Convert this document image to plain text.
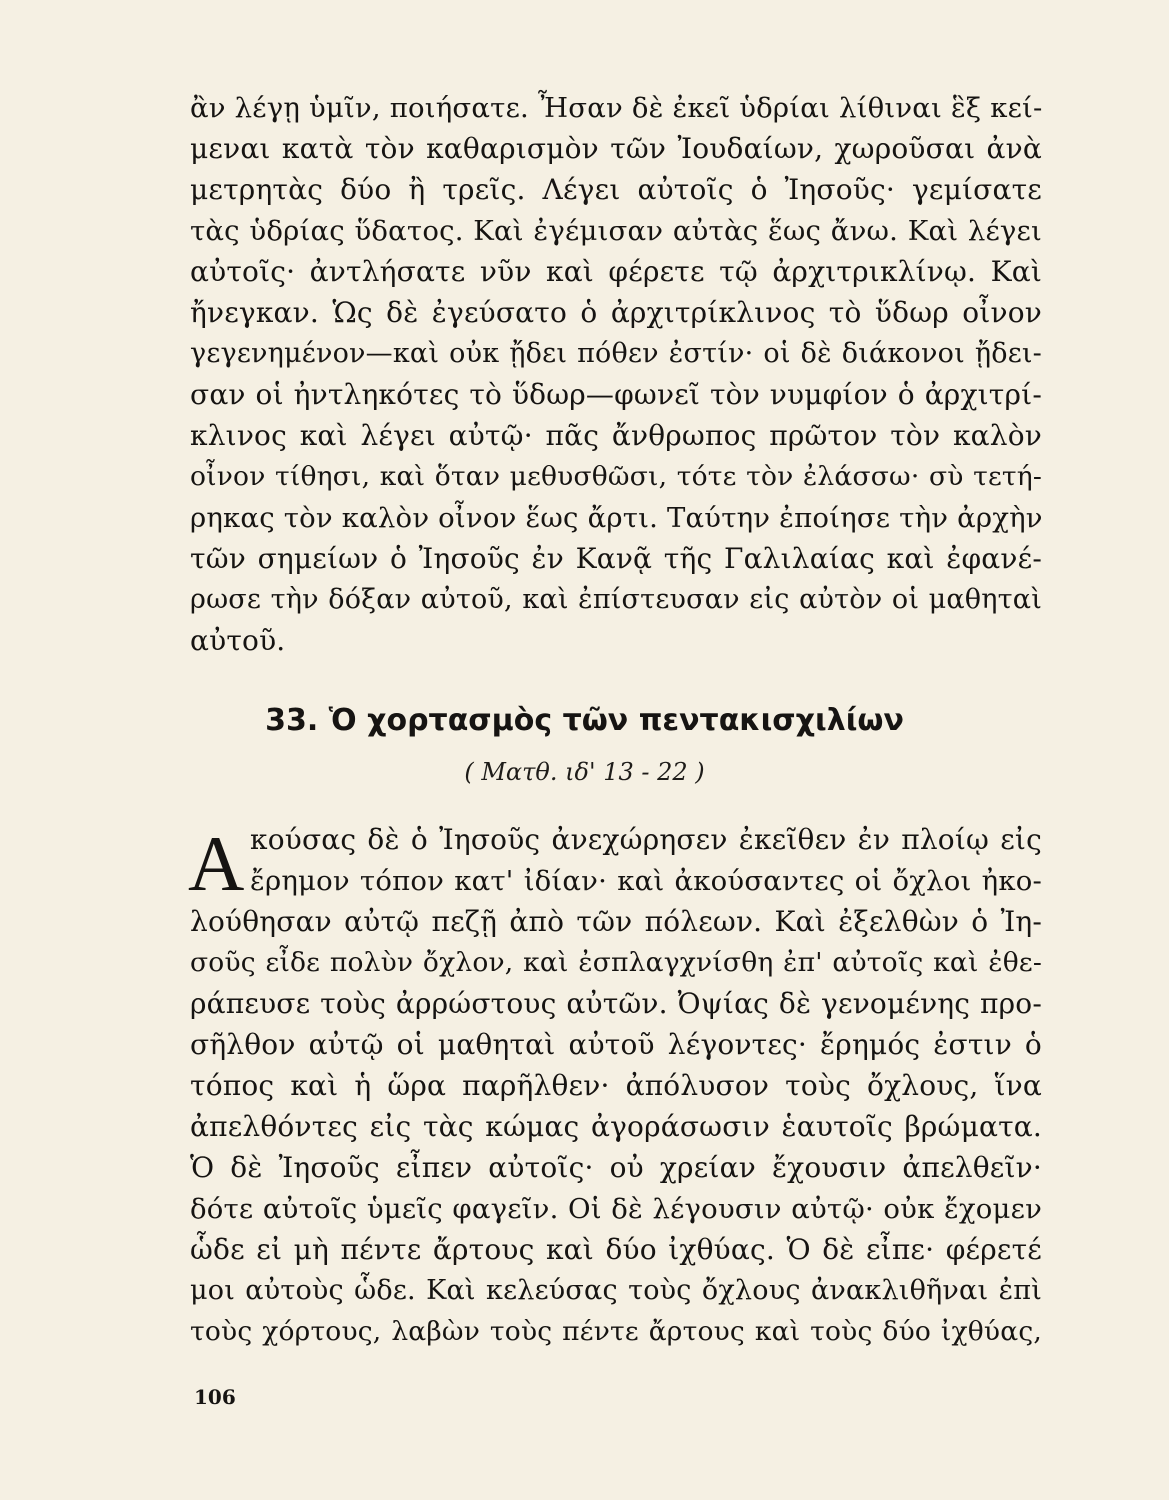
ἂν λέγῃ ὑμῖν, ποιήσατε. Ἦσαν δὲ ἐκεῖ ὑδρίαι λίθιναι ἓξ κεί-
μεναι κατὰ τὸν καθαρισμὸν τῶν Ἰουδαίων, χωροῦσαι ἀνὰ
μετρητὰς δύο ἢ τρεῖς. Λέγει αὐτοῖς ὁ Ἰησοῦς· γεμίσατε
τὰς ὑδρίας ὕδατος. Καὶ ἐγέμισαν αὐτὰς ἕως ἄνω. Καὶ λέγει
αὐτοῖς· ἀντλήσατε νῦν καὶ φέρετε τῷ ἀρχιτρικλίνῳ. Καὶ
ἤνεγκαν. Ὡς δὲ ἐγεύσατο ὁ ἀρχιτρίκλινος τὸ ὕδωρ οἶνον
γεγενημένον—καὶ οὐκ ᾔδει πόθεν ἐστίν· οἱ δὲ διάκονοι ᾔδει-
σαν οἱ ἠντληκότες τὸ ὕδωρ—φωνεῖ τὸν νυμφίον ὁ ἀρχιτρί-
κλινος καὶ λέγει αὐτῷ· πᾶς ἄνθρωπος πρῶτον τὸν καλὸν
οἶνον τίθησι, καὶ ὅταν μεθυσθῶσι, τότε τὸν ἐλάσσω· σὺ τετή-
ρηκας τὸν καλὸν οἶνον ἕως ἄρτι. Ταύτην ἐποίησε τὴν ἀρχὴν
τῶν σημείων ὁ Ἰησοῦς ἐν Κανᾷ τῆς Γαλιλαίας καὶ ἐφανέ-
ρωσε τὴν δόξαν αὐτοῦ, καὶ ἐπίστευσαν εἰς αὐτὸν οἱ μαθηταὶ
αὐτοῦ.
33. Ὁ χορτασμὸς τῶν πεντακισχιλίων
( Ματθ. ιδ' 13 - 22 )
Α κούσας δὲ ὁ Ἰησοῦς ἀνεχώρησεν ἐκεῖθεν ἐν πλοίῳ εἰς
ἔρημον τόπον κατ' ἰδίαν· καὶ ἀκούσαντες οἱ ὄχλοι ἠκο-
λούθησαν αὐτῷ πεζῇ ἀπὸ τῶν πόλεων. Καὶ ἐξελθὼν ὁ Ἰη-
σοῦς εἶδε πολὺν ὄχλον, καὶ ἐσπλαγχνίσθη ἐπ' αὐτοῖς καὶ ἐθε-
ράπευσε τοὺς ἀρρώστους αὐτῶν. Ὀψίας δὲ γενομένης προ-
σῆλθον αὐτῷ οἱ μαθηταὶ αὐτοῦ λέγοντες· ἔρημός ἐστιν ὁ
τόπος καὶ ἡ ὥρα παρῆλθεν· ἀπόλυσον τοὺς ὄχλους, ἵνα
ἀπελθόντες εἰς τὰς κώμας ἀγοράσωσιν ἑαυτοῖς βρώματα.
Ὁ δὲ Ἰησοῦς εἶπεν αὐτοῖς· οὐ χρείαν ἔχουσιν ἀπελθεῖν·
δότε αὐτοῖς ὑμεῖς φαγεῖν. Οἱ δὲ λέγουσιν αὐτῷ· οὐκ ἔχομεν
ὧδε εἰ μὴ πέντε ἄρτους καὶ δύο ἰχθύας. Ὁ δὲ εἶπε· φέρετέ
μοι αὐτοὺς ὧδε. Καὶ κελεύσας τοὺς ὄχλους ἀνακλιθῆναι ἐπὶ
τοὺς χόρτους, λαβὼν τοὺς πέντε ἄρτους καὶ τοὺς δύο ἰχθύας,
106
